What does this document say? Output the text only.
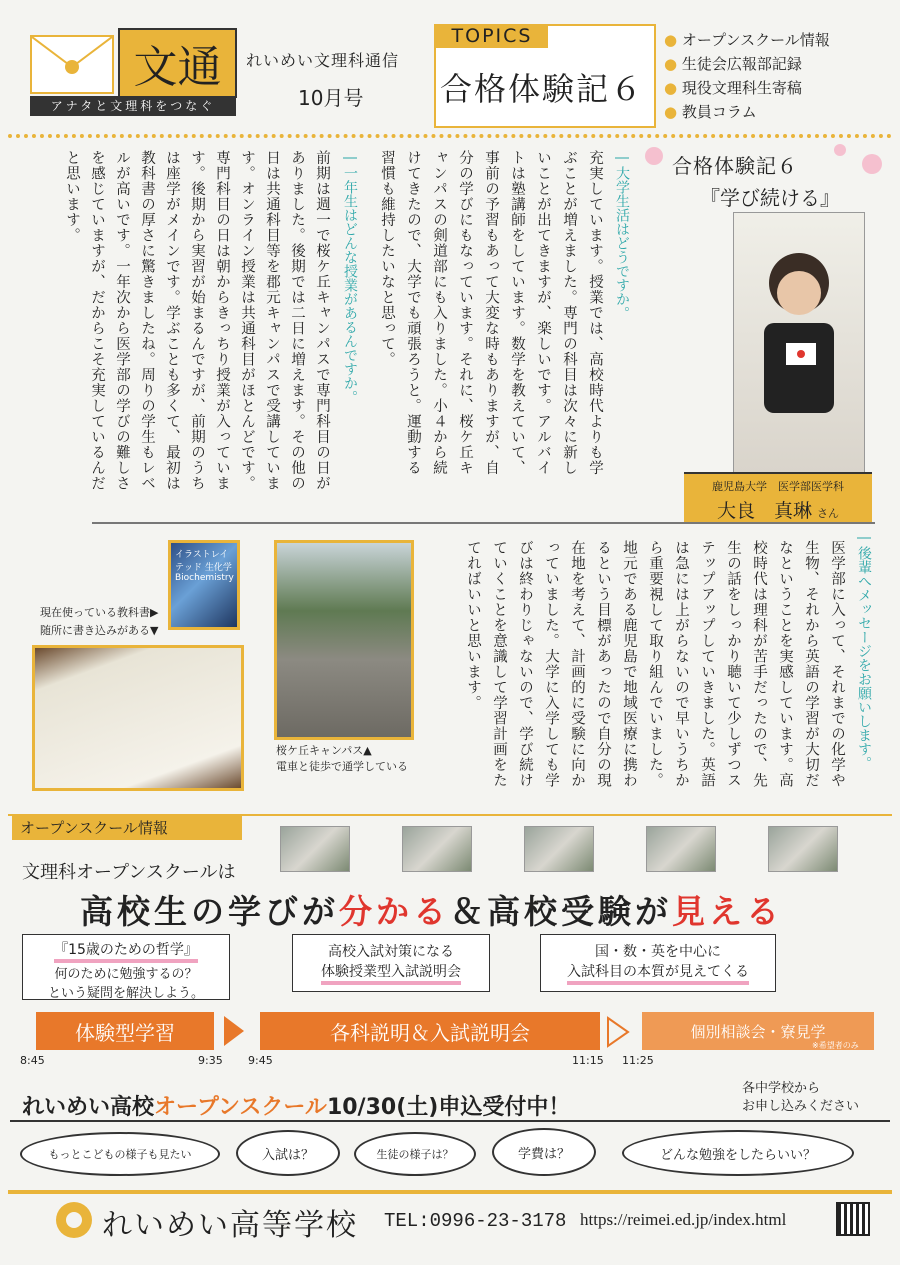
文 通
アナタと文理科をつなぐ
れいめい文理科通信
10月号
TOPICS
合格体験記６
● オープンスクール情報
● 生徒会広報部記録
● 現役文理科生寄稿
● 教員コラム
合格体験記６
『学び続ける』
鹿児島大学　医学部医学科
大良　真琳 さん
―大学生活はどうですか。
充実しています。授業では、高校時代よりも学ぶことが増えました。専門の科目は次々に新しいことが出てきますが、楽しいです。アルバイトは塾講師をしています。数学を教えていて、事前の予習もあって大変な時もありますが、自分の学びにもなっています。それに、桜ケ丘キャンパスの剣道部にも入りました。小４から続けてきたので、大学でも頑張ろうと。運動する習慣も維持したいなと思って。
―一年生はどんな授業があるんですか。
前期は週一で桜ケ丘キャンパスで専門科目の日がありました。後期では二日に増えます。その他の日は共通科目等を郡元キャンパスで受講しています。オンライン授業は共通科目がほとんどです。専門科目の日は朝からきっちり授業が入っています。後期から実習が始まるんですが、前期のうちは座学がメインです。学ぶことも多くて、最初は教科書の厚さに驚きましたね。周りの学生もレベルが高いです。一年次から医学部の学びの難しさを感じていますが、だからこそ充実しているんだと思います。
―後輩へメッセージをお願いします。
医学部に入って、それまでの化学や生物、それから英語の学習が大切だなということを実感しています。高校時代は理科が苦手だったので、先生の話をしっかり聴いて少しずつステップアップしていきました。英語は急には上がらないので早いうちから重要視して取り組んでいました。地元である鹿児島で地域医療に携わるという目標があったので自分の現在地を考えて、計画的に受験に向かっていました。大学に入学しても学びは終わりじゃないので、学び続けていくことを意識して学習計画をたてればいいと思います。
イラストレイテッド 生化学 Biochemistry
現在使っている教科書▶
随所に書き込みがある▼
桜ケ丘キャンパス▲
電車と徒歩で通学している
オープンスクール情報
文理科オープンスクールは
高校生の学びが分かる＆高校受験が見える
『15歳のための哲学』
何のために勉強するの？
という疑問を解決しよう。
高校入試対策になる
体験授業型入試説明会
国・数・英を中心に
入試科目の本質が見えてくる
体験型学習	各科説明＆入試説明会	個別相談会・寮見学
※希望者のみ
8:45	9:35 9:45	11:15 11:25
れいめい高校オープンスクール10/30(土)申込受付中！
各中学校から
お申し込みください
もっとこどもの様子も見たい	入試は？	生徒の様子は？	学費は？	どんな勉強をしたらいい？
れいめい高等学校 TEL:0996-23-3178 https://reimei.ed.jp/index.html
